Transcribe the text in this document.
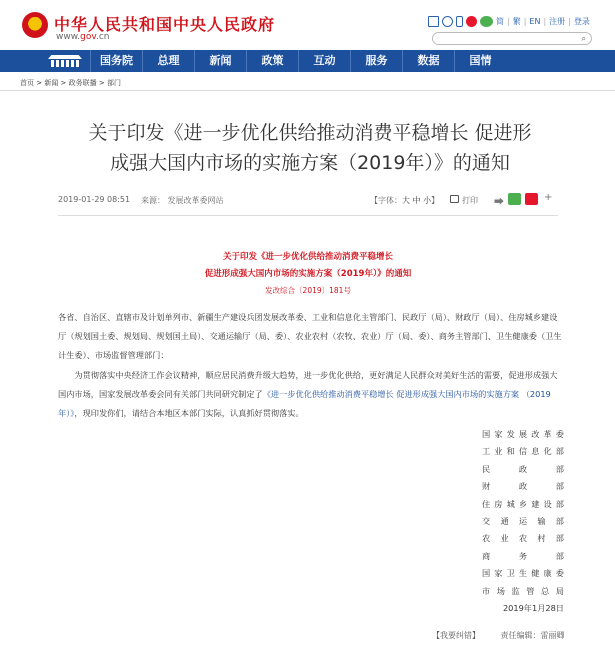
中华人民共和国中央人民政府
www.gov.cn
简 | 繁 | EN | 注册 | 登录
⌕
国务院	总理	新闻	政策	互动	服务	数据	国情
首页 > 新闻 > 政务联播 > 部门
关于印发《进一步优化供给推动消费平稳增长 促进形
成强大国内市场的实施方案（2019年）》的通知
2019-01-29 08:51 来源： 发展改革委网站	【字体：大 中 小】	打印 ⮕	+
关于印发《进一步优化供给推动消费平稳增长
促进形成强大国内市场的实施方案（2019年）》的通知
发改综合〔2019〕181号
各省、自治区、直辖市及计划单列市、新疆生产建设兵团发展改革委、工业和信息化主管部门、民政厅（局）、财政厅（局）、住房城乡建设厅（规划国土委、规划局、规划国土局）、交通运输厅（局、委）、农业农村（农牧、农业）厅（局、委）、商务主管部门、卫生健康委（卫生计生委）、市场监督管理部门：
为贯彻落实中央经济工作会议精神，顺应居民消费升级大趋势，进一步优化供给，更好满足人民群众对美好生活的需要，促进形成强大国内市场，国家发展改革委会同有关部门共同研究制定了《进一步优化供给推动消费平稳增长 促进形成强大国内市场的实施方案 （2019年）》，现印发你们，请结合本地区本部门实际，认真抓好贯彻落实。
国家发展改革委
工业和信息化部
民政部
财政部
住房城乡建设部
交通运输部
农业农村部
商务部
国家卫生健康委
市场监管总局
2019年1月28日
【我要纠错】	责任编辑：雷丽卿
